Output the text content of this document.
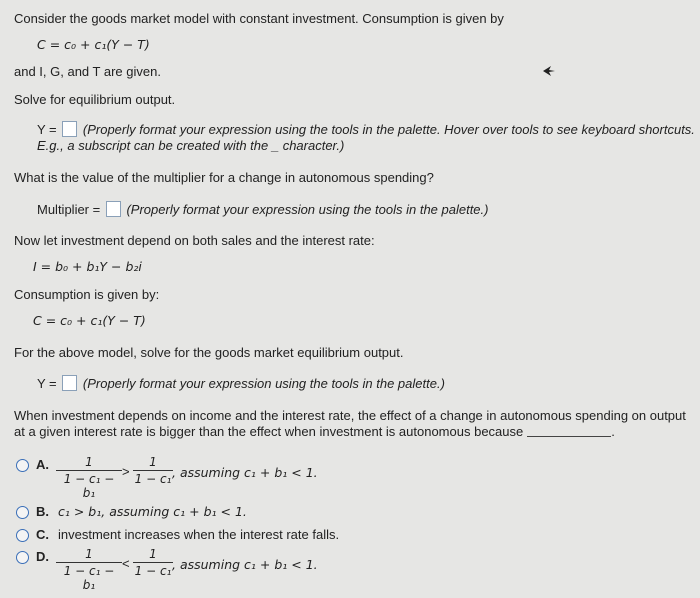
Consider the goods market model with constant investment. Consumption is given by
C = c₀ + c₁(Y − T)
and I, G, and T are given.
Solve for equilibrium output.
Y = (Properly format your expression using the tools in the palette. Hover over tools to see keyboard shortcuts.
E.g., a subscript can be created with the _ character.)
What is the value of the multiplier for a change in autonomous spending?
Multiplier = (Properly format your expression using the tools in the palette.)
Now let investment depend on both sales and the interest rate:
I = b₀ + b₁Y − b₂i
Consumption is given by:
C = c₀ + c₁(Y − T)
For the above model, solve for the goods market equilibrium output.
Y = (Properly format your expression using the tools in the palette.)
When investment depends on income and the interest rate, the effect of a change in autonomous spending on output
at a given interest rate is bigger than the effect when investment is autonomous because	.
A.	1
1 − c₁ − b₁
>
1
1 − c₁ , assuming c₁ + b₁ < 1.
B. c₁ > b₁, assuming c₁ + b₁ < 1.
C. investment increases when the interest rate falls.
D.	1
1 − c₁ − b₁
<
1
1 − c₁ , assuming c₁ + b₁ < 1.
